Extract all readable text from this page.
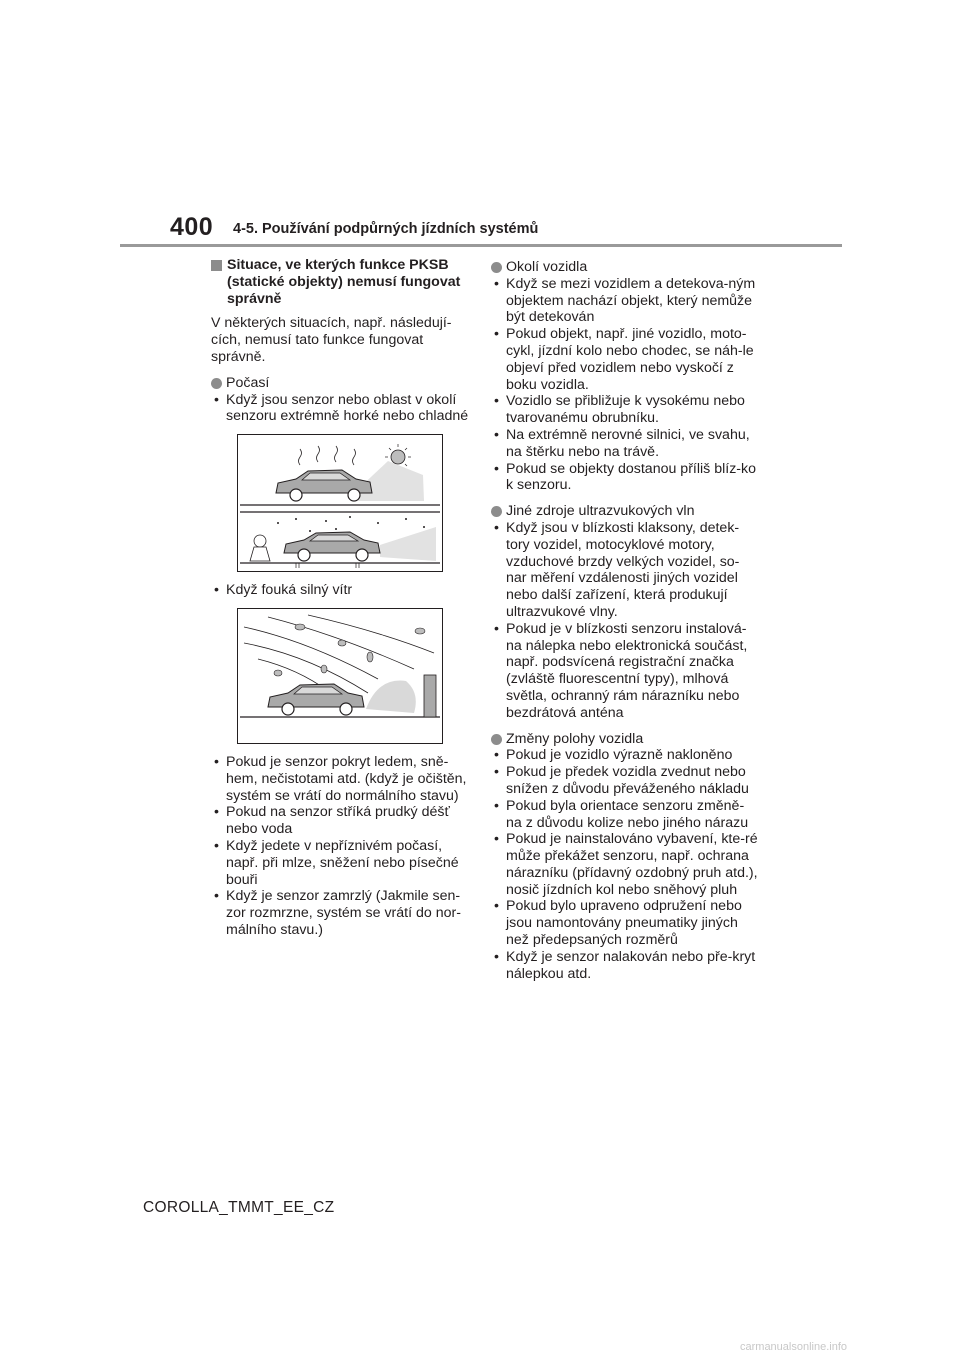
400 4-5. Používání podpůrných jízdních systémů
Situace, ve kterých funkce PKSB (statické objekty) nemusí fungovat správně

V některých situacích, např. následují-cích, nemusí tato funkce fungovat správně.

Počasí
• Když jsou senzor nebo oblast v okolí senzoru extrémně horké nebo chladné
• Když fouká silný vítr
• Pokud je senzor pokryt ledem, sně-hem, nečistotami atd. (když je očištěn, systém se vrátí do normálního stavu)
• Pokud na senzor stříká prudký déšť nebo voda
• Když jedete v nepříznivém počasí, např. při mlze, sněžení nebo písečné bouři
• Když je senzor zamrzlý (Jakmile sen-zor rozmrzne, systém se vrátí do nor-málního stavu.)
Okolí vozidla
• Když se mezi vozidlem a detekova-ným objektem nachází objekt, který nemůže být detekován
• Pokud objekt, např. jiné vozidlo, moto-cykl, jízdní kolo nebo chodec, se náh-le objeví před vozidlem nebo vyskočí z boku vozidla.
• Vozidlo se přibližuje k vysokému nebo tvarovanému obrubníku.
• Na extrémně nerovné silnici, ve svahu, na štěrku nebo na trávě.
• Pokud se objekty dostanou příliš blíz-ko k senzoru.
Jiné zdroje ultrazvukových vln
• Když jsou v blízkosti klaksony, detek-tory vozidel, motocyklové motory, vzduchové brzdy velkých vozidel, so-nar měření vzdálenosti jiných vozidel nebo další zařízení, která produkují ultrazvukové vlny.
• Pokud je v blízkosti senzoru instalová-na nálepka nebo elektronická součást, např. podsvícená registrační značka (zvláště fluorescentní typy), mlhová světla, ochranný rám nárazníku nebo bezdrátová anténa
Změny polohy vozidla
• Pokud je vozidlo výrazně nakloněno
• Pokud je předek vozidla zvednut nebo snížen z důvodu převáženého nákladu
• Pokud byla orientace senzoru změně-na z důvodu kolize nebo jiného nárazu
• Pokud je nainstalováno vybavení, kte-ré může překážet senzoru, např. ochrana nárazníku (přídavný ozdobný pruh atd.), nosič jízdních kol nebo sněhový pluh
• Pokud bylo upraveno odpružení nebo jsou namontovány pneumatiky jiných než předepsaných rozměrů
• Když je senzor nalakován nebo pře-kryt nálepkou atd.
COROLLA_TMMT_EE_CZ
carmanualsonline.info
